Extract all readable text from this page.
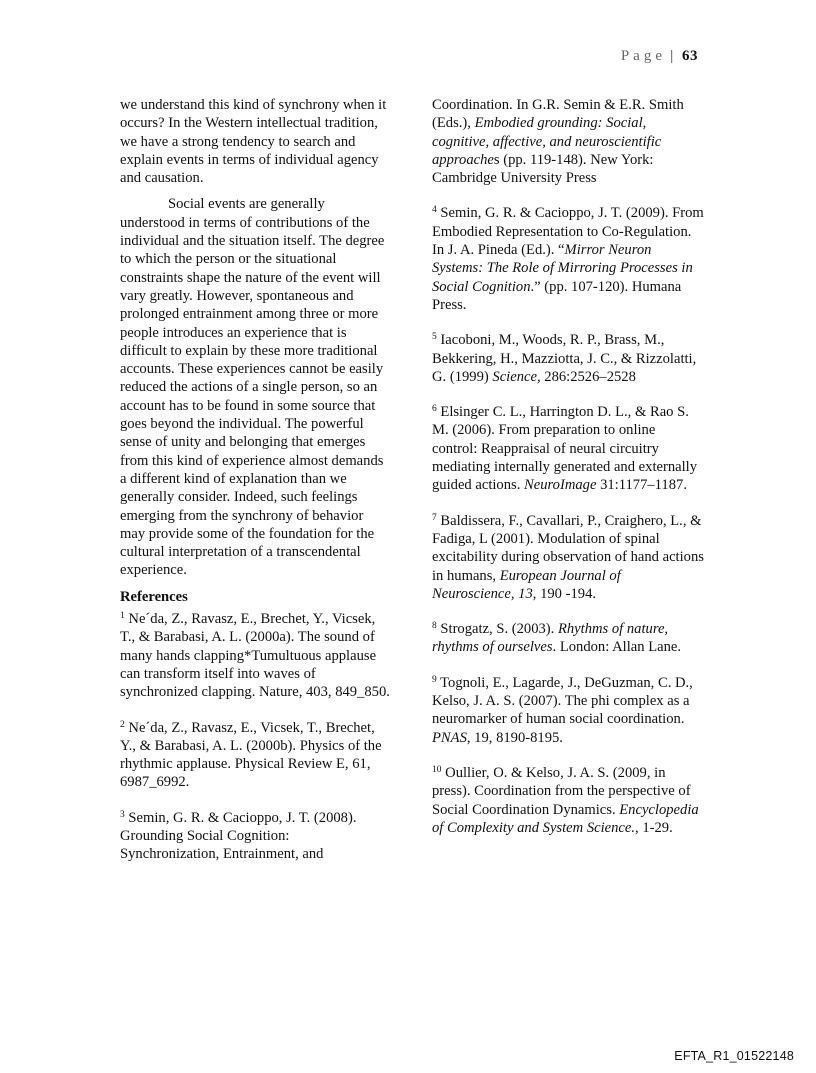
Page | 63

we understand this kind of synchrony when it occurs? In the Western intellectual tradition, we have a strong tendency to search and explain events in terms of individual agency and causation.

Social events are generally understood in terms of contributions of the individual and the situation itself. The degree to which the person or the situational constraints shape the nature of the event will vary greatly. However, spontaneous and prolonged entrainment among three or more people introduces an experience that is difficult to explain by these more traditional accounts. These experiences cannot be easily reduced the actions of a single person, so an account has to be found in some source that goes beyond the individual. The powerful sense of unity and belonging that emerges from this kind of experience almost demands a different kind of explanation than we generally consider. Indeed, such feelings emerging from the synchrony of behavior may provide some of the foundation for the cultural interpretation of a transcendental experience.

References

$^1$ Ne´da, Z., Ravasz, E., Brechet, Y., Vicsek, T., & Barabasi, A. L. (2000a). The sound of many hands clapping*Tumultuous applause can transform itself into waves of synchronized clapping. Nature, 403, 849_850.

$^2$ Ne´da, Z., Ravasz, E., Vicsek, T., Brechet, Y., & Barabasi, A. L. (2000b). Physics of the rhythmic applause. Physical Review E, 61, 6987_6992.

$^3$ Semin, G. R. & Cacioppo, J. T. (2008). Grounding Social Cognition: Synchronization, Entrainment, and

Coordination. In G.R. Semin & E.R. Smith (Eds.), Embodied grounding: Social, cognitive, affective, and neuroscientific approaches (pp. 119-148). New York: Cambridge University Press

$^4$ Semin, G. R. & Cacioppo, J. T. (2009). From Embodied Representation to Co-Regulation. In J. A. Pineda (Ed.). “Mirror Neuron Systems: The Role of Mirroring Processes in Social Cognition.” (pp. 107-120). Humana Press.

$^5$ Iacoboni, M., Woods, R. P., Brass, M., Bekkering, H., Mazziotta, J. C., & Rizzolatti, G. (1999) Science, 286:2526–2528

$^6$ Elsinger C. L., Harrington D. L., & Rao S. M. (2006). From preparation to online control: Reappraisal of neural circuitry mediating internally generated and externally guided actions. NeuroImage 31:1177–1187.

$^7$ Baldissera, F., Cavallari, P., Craighero, L., & Fadiga, L (2001). Modulation of spinal excitability during observation of hand actions in humans, European Journal of Neuroscience, 13, 190 -194.

$^8$ Strogatz, S. (2003). Rhythms of nature, rhythms of ourselves. London: Allan Lane.

$^9$ Tognoli, E., Lagarde, J., DeGuzman, C. D., Kelso, J. A. S. (2007). The phi complex as a neuromarker of human social coordination. PNAS, 19, 8190-8195.

$^{10}$ Oullier, O. & Kelso, J. A. S. (2009, in press). Coordination from the perspective of Social Coordination Dynamics. Encyclopedia of Complexity and System Science., 1-29.

EFTA_R1_01522148
